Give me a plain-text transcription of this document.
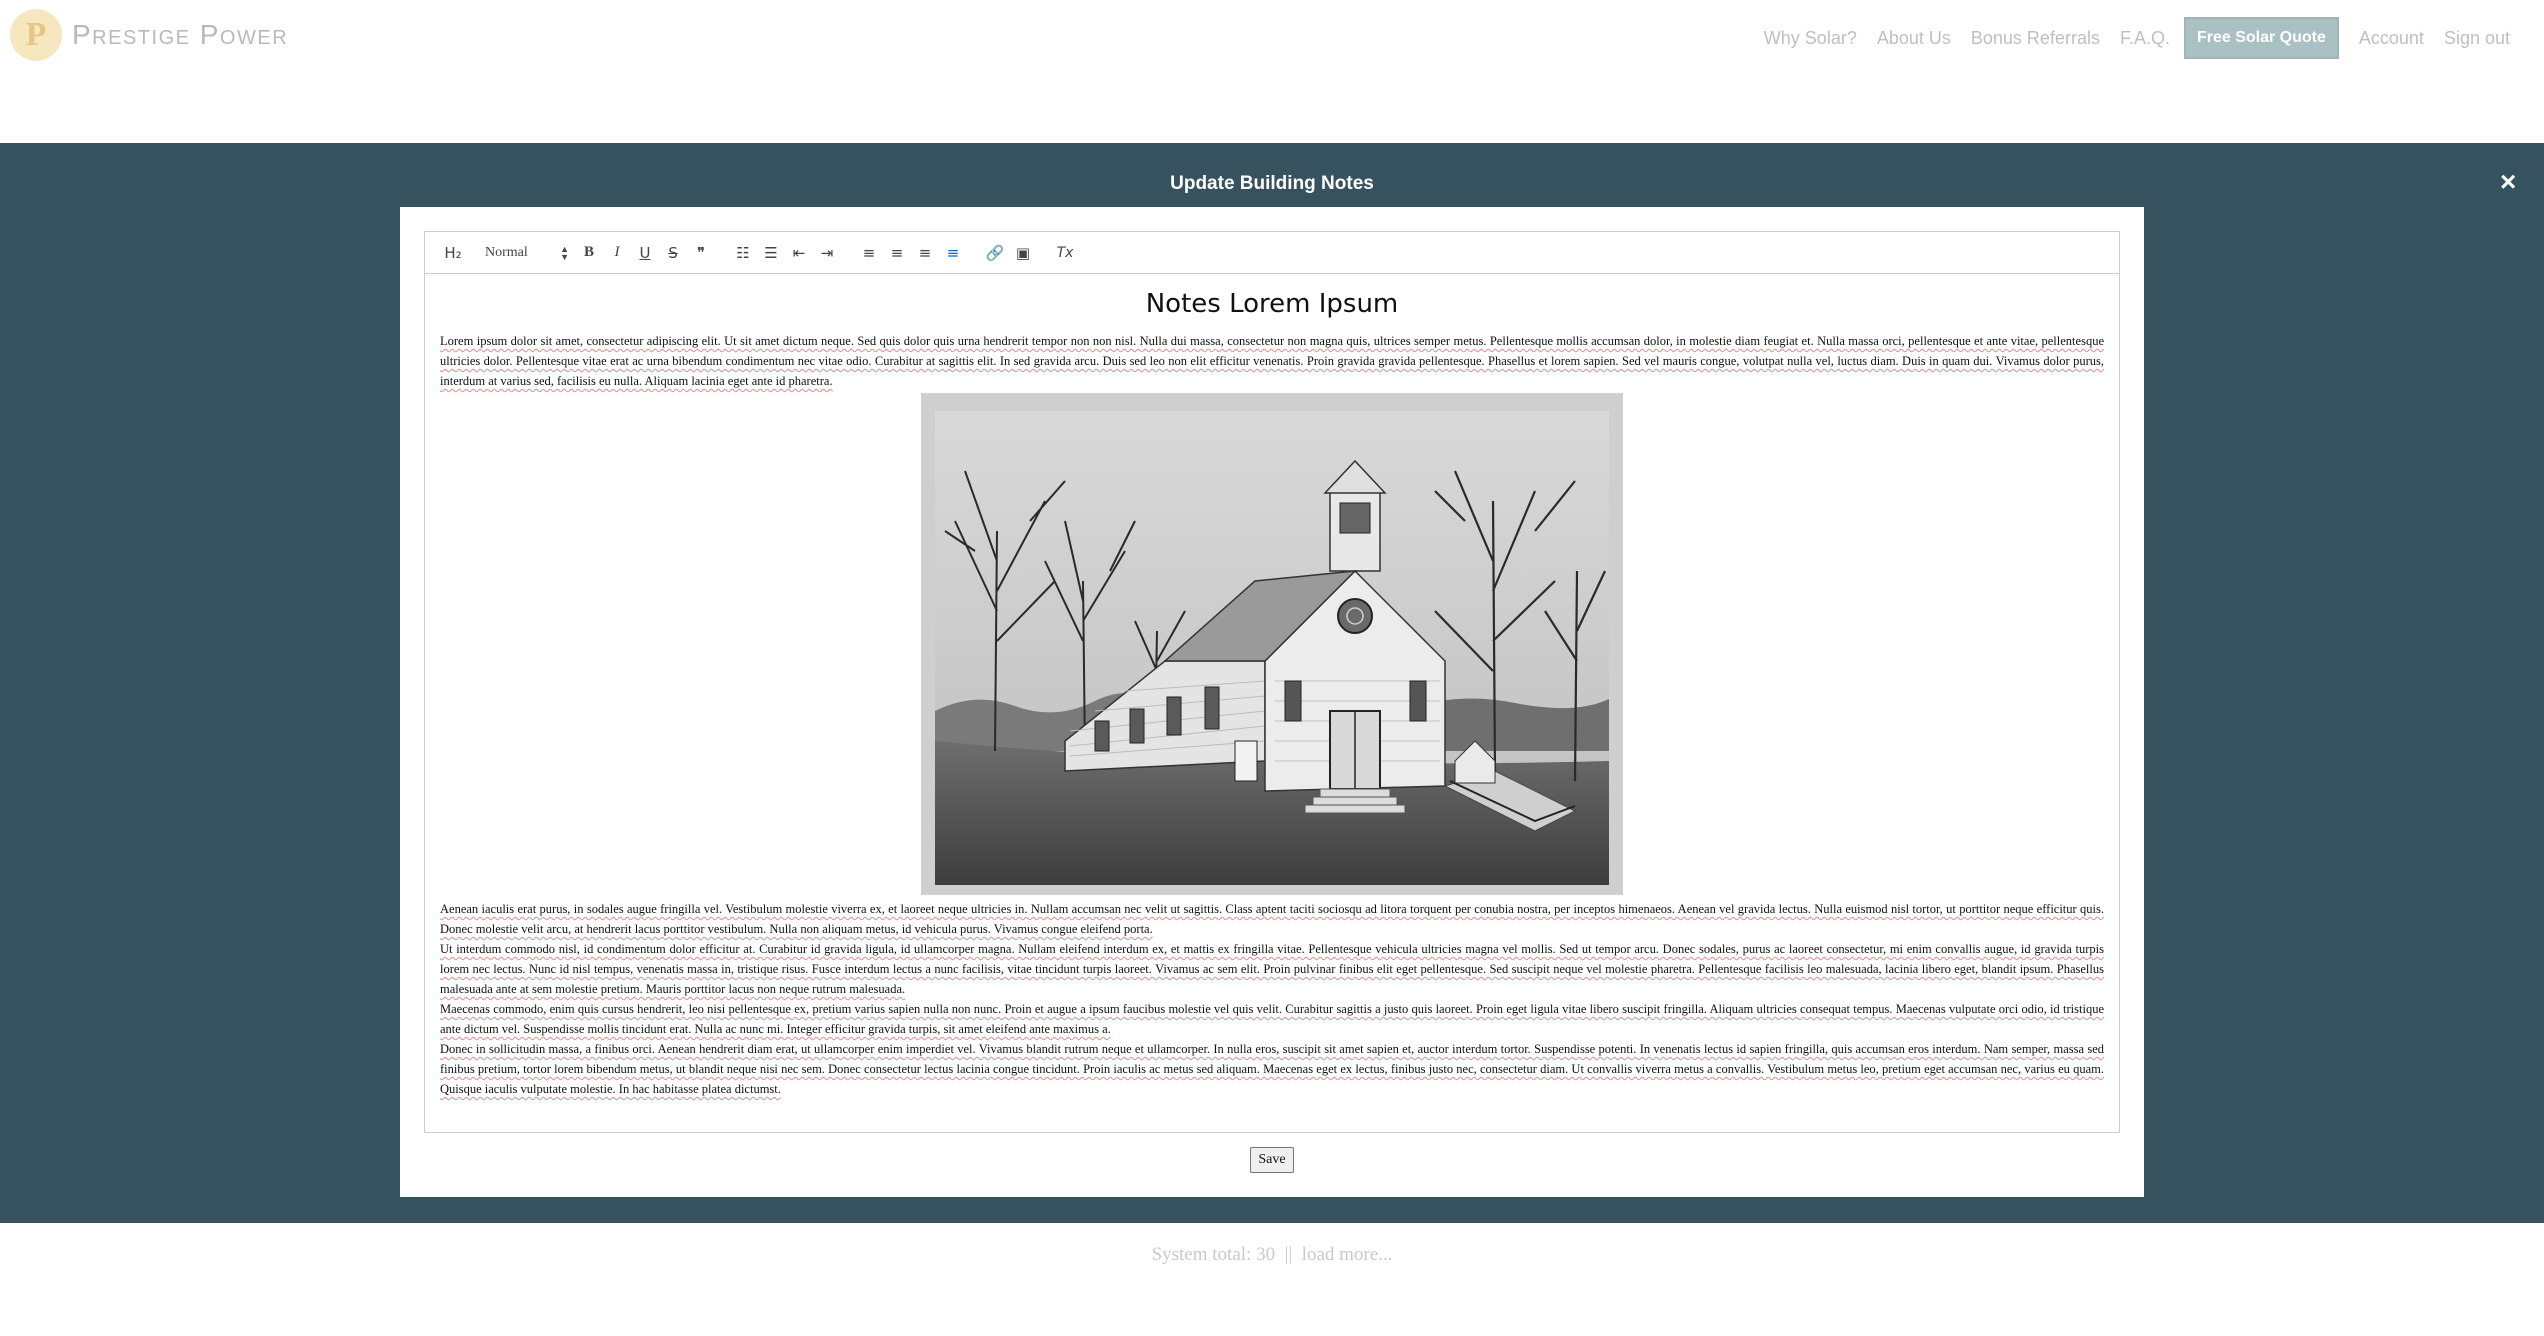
P Prestige Power	Why Solar? About Us Bonus Referrals F.A.Q.	Free Solar Quote	Account Sign out
Update Building Notes	×
H₂	Normal	▲
▼ B	I	U	S	❞	☷ ☰ ⇤	⇥	≡	≡	≡	≡	🔗 ▣	Tx
Notes Lorem Ipsum

Lorem ipsum dolor sit amet, consectetur adipiscing elit. Ut sit amet dictum neque. Sed quis dolor quis urna hendrerit tempor non non nisl. Nulla dui massa, consectetur non magna quis, ultrices semper metus. Pellentesque mollis accumsan dolor, in molestie diam feugiat et. Nulla massa orci, pellentesque et ante vitae, pellentesque ultricies dolor. Pellentesque vitae erat ac urna bibendum condimentum nec vitae odio. Curabitur at sagittis elit. In sed gravida arcu. Duis sed leo non elit efficitur venenatis. Proin gravida gravida pellentesque. Phasellus et lorem sapien. Sed vel mauris congue, volutpat nulla vel, luctus diam. Duis in quam dui. Vivamus dolor purus, interdum at varius sed, facilisis eu nulla. Aliquam lacinia eget ante id pharetra.

Aenean iaculis erat purus, in sodales augue fringilla vel. Vestibulum molestie viverra ex, et laoreet neque ultricies in. Nullam accumsan nec velit ut sagittis. Class aptent taciti sociosqu ad litora torquent per conubia nostra, per inceptos himenaeos. Aenean vel gravida lectus. Nulla euismod nisl tortor, ut porttitor neque efficitur quis. Donec molestie velit arcu, at hendrerit lacus porttitor vestibulum. Nulla non aliquam metus, id vehicula purus. Vivamus congue eleifend porta.

Ut interdum commodo nisl, id condimentum dolor efficitur at. Curabitur id gravida ligula, id ullamcorper magna. Nullam eleifend interdum ex, et mattis ex fringilla vitae. Pellentesque vehicula ultricies magna vel mollis. Sed ut tempor arcu. Donec sodales, purus ac laoreet consectetur, mi enim convallis augue, id gravida turpis lorem nec lectus. Nunc id nisl tempus, venenatis massa in, tristique risus. Fusce interdum lectus a nunc facilisis, vitae tincidunt turpis laoreet. Vivamus ac sem elit. Proin pulvinar finibus elit eget pellentesque. Sed suscipit neque vel molestie pharetra. Pellentesque facilisis leo malesuada, lacinia libero eget, blandit ipsum. Phasellus malesuada ante at sem molestie pretium. Mauris porttitor lacus non neque rutrum malesuada.

Maecenas commodo, enim quis cursus hendrerit, leo nisi pellentesque ex, pretium varius sapien nulla non nunc. Proin et augue a ipsum faucibus molestie vel quis velit. Curabitur sagittis a justo quis laoreet. Proin eget ligula vitae libero suscipit fringilla. Aliquam ultricies consequat tempus. Maecenas vulputate orci odio, id tristique ante dictum vel. Suspendisse mollis tincidunt erat. Nulla ac nunc mi. Integer efficitur gravida turpis, sit amet eleifend ante maximus a.

Donec in sollicitudin massa, a finibus orci. Aenean hendrerit diam erat, ut ullamcorper enim imperdiet vel. Vivamus blandit rutrum neque et ullamcorper. In nulla eros, suscipit sit amet sapien et, auctor interdum tortor. Suspendisse potenti. In venenatis lectus id sapien fringilla, quis accumsan eros interdum. Nam semper, massa sed finibus pretium, tortor lorem bibendum metus, ut blandit neque nisi nec sem. Donec consectetur lectus lacinia congue tincidunt. Proin iaculis ac metus sed aliquam. Maecenas eget ex lectus, finibus justo nec, consectetur diam. Ut convallis viverra metus a convallis. Vestibulum metus leo, pretium eget accumsan nec, varius eu quam. Quisque iaculis vulputate molestie. In hac habitasse platea dictumst.

Save
System total: 30  ||  load more...
